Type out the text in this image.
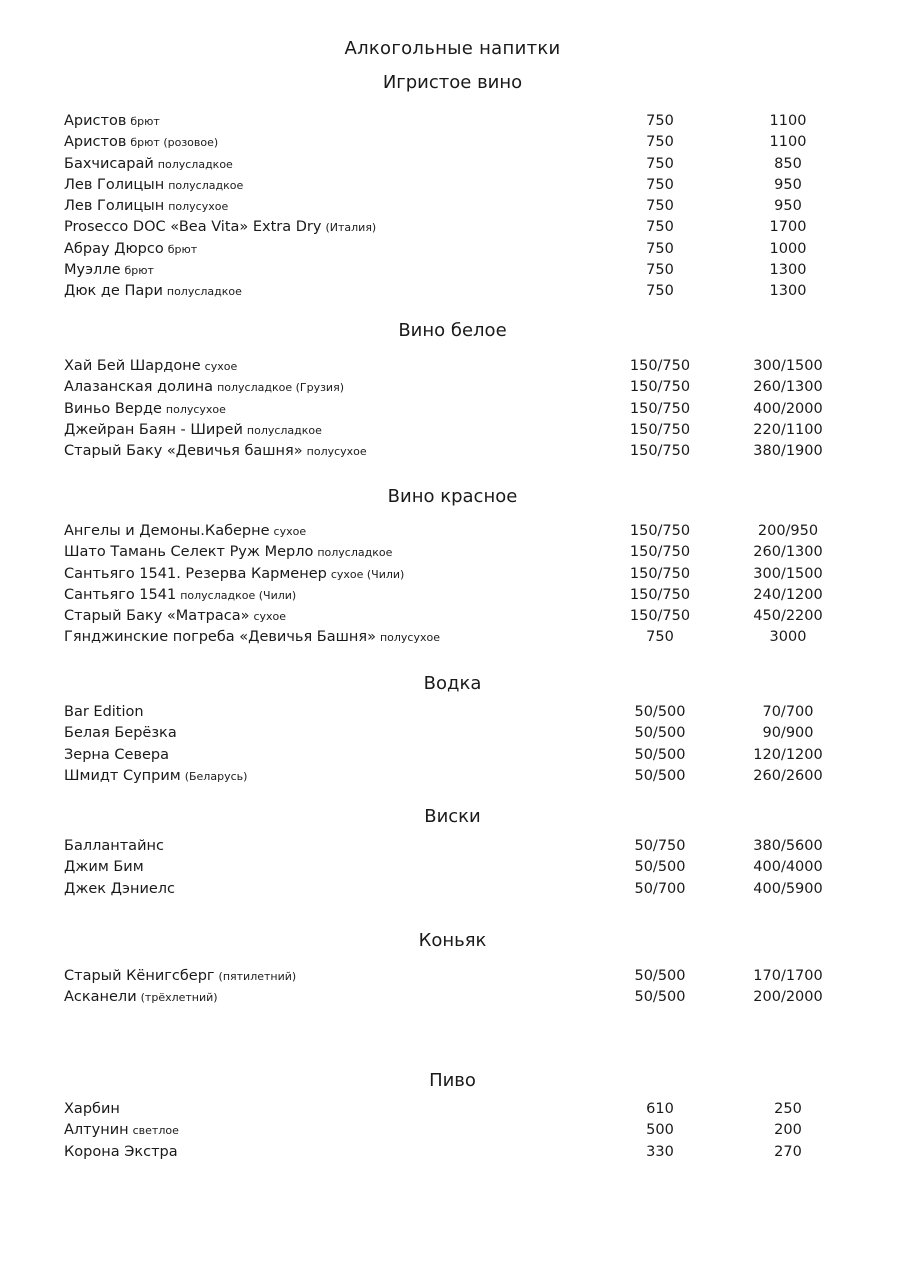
Алкогольные напитки
Игристое вино
Аристов брют	750	1100
Аристов брют (розовое)	750	1100
Бахчисарай полусладкое	750	850
Лев Голицын полусладкое	750	950
Лев Голицын полусухое	750	950
Prosecco DOC «Bea Vita» Extra Dry (Италия)	750	1700
Абрау Дюрсо брют	750	1000
Муэлле брют	750	1300
Дюк де Пари полусладкое	750	1300
Вино белое
Хай Бей Шардоне сухое	150/750	300/1500
Алазанская долина полусладкое (Грузия)	150/750	260/1300
Виньо Верде полусухое	150/750	400/2000
Джейран Баян - Ширей полусладкое	150/750	220/1100
Старый Баку «Девичья башня» полусухое	150/750	380/1900
Вино красное
Ангелы и Демоны.Каберне сухое	150/750	200/950
Шато Тамань Селект Руж Мерло полусладкое	150/750	260/1300
Сантьяго 1541. Резерва Карменер сухое (Чили)	150/750	300/1500
Сантьяго 1541 полусладкое (Чили)	150/750	240/1200
Старый Баку «Матраса» сухое	150/750	450/2200
Гянджинские погреба «Девичья Башня» полусухое	750	3000
Водка
Bar Edition	50/500	70/700
Белая Берёзка	50/500	90/900
Зерна Севера	50/500	120/1200
Шмидт Суприм (Беларусь)	50/500	260/2600
Виски
Баллантайнс	50/750	380/5600
Джим Бим	50/500	400/4000
Джек Дэниелс	50/700	400/5900
Коньяк
Старый Кёнигсберг (пятилетний)	50/500	170/1700
Асканели (трёхлетний)	50/500	200/2000
Пиво
Харбин	610	250
Алтунин светлое	500	200
Корона Экстра	330	270
